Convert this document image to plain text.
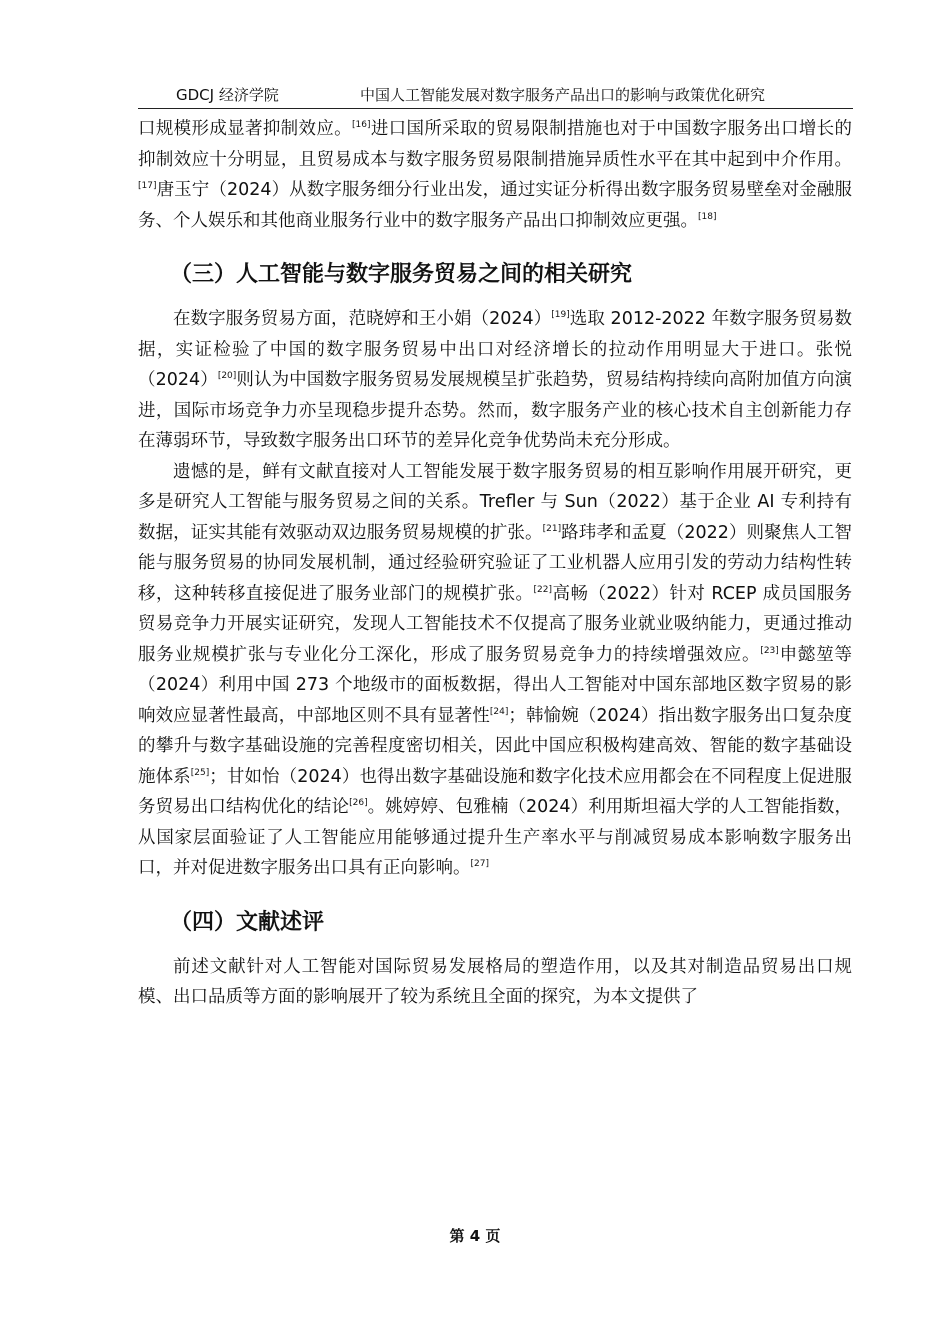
GDCJ 经济学院	中国人工智能发展对数字服务产品出口的影响与政策优化研究

口规模形成显著抑制效应。[16]进口国所采取的贸易限制措施也对于中国数字服务出口增长的抑制效应十分明显，且贸易成本与数字服务贸易限制措施异质性水平在其中起到中介作用。[17]唐玉宁（2024）从数字服务细分行业出发，通过实证分析得出数字服务贸易壁垒对金融服务、个人娱乐和其他商业服务行业中的数字服务产品出口抑制效应更强。[18]

（三）人工智能与数字服务贸易之间的相关研究

在数字服务贸易方面，范晓婷和王小娟（2024）[19]选取 2012-2022 年数字服务贸易数据，实证检验了中国的数字服务贸易中出口对经济增长的拉动作用明显大于进口。张悦（2024）[20]则认为中国数字服务贸易发展规模呈扩张趋势，贸易结构持续向高附加值方向演进，国际市场竞争力亦呈现稳步提升态势。然而，数字服务产业的核心技术自主创新能力存在薄弱环节，导致数字服务出口环节的差异化竞争优势尚未充分形成。

遗憾的是，鲜有文献直接对人工智能发展于数字服务贸易的相互影响作用展开研究，更多是研究人工智能与服务贸易之间的关系。Trefler 与 Sun（2022）基于企业 AI 专利持有数据，证实其能有效驱动双边服务贸易规模的扩张。[21]路玮孝和孟夏（2022）则聚焦人工智能与服务贸易的协同发展机制，通过经验研究验证了工业机器人应用引发的劳动力结构性转移，这种转移直接促进了服务业部门的规模扩张。[22]高畅（2022）针对 RCEP 成员国服务贸易竞争力开展实证研究，发现人工智能技术不仅提高了服务业就业吸纳能力，更通过推动服务业规模扩张与专业化分工深化，形成了服务贸易竞争力的持续增强效应。[23]申懿堃等（2024）利用中国 273 个地级市的面板数据，得出人工智能对中国东部地区数字贸易的影响效应显著性最高，中部地区则不具有显著性[24]；韩愉婉（2024）指出数字服务出口复杂度的攀升与数字基础设施的完善程度密切相关，因此中国应积极构建高效、智能的数字基础设施体系[25]；甘如怡（2024）也得出数字基础设施和数字化技术应用都会在不同程度上促进服务贸易出口结构优化的结论[26]。姚婷婷、包雅楠（2024）利用斯坦福大学的人工智能指数，从国家层面验证了人工智能应用能够通过提升生产率水平与削减贸易成本影响数字服务出口，并对促进数字服务出口具有正向影响。[27]

（四）文献述评

前述文献针对人工智能对国际贸易发展格局的塑造作用，以及其对制造品贸易出口规模、出口品质等方面的影响展开了较为系统且全面的探究，为本文提供了

第 4 页
